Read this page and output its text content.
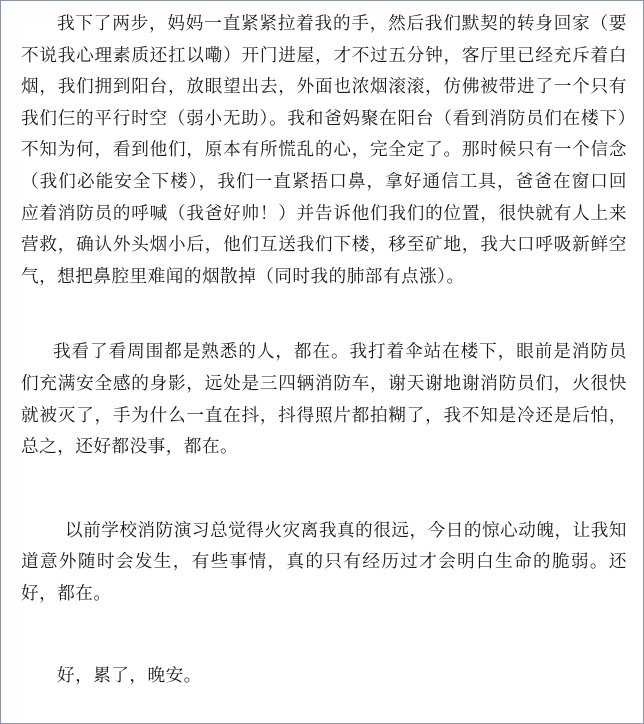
我下了两步，妈妈一直紧紧拉着我的手，然后我们默契的转身回家（要不说我心理素质还扛以嘞）开门进屋，才不过五分钟，客厅里已经充斥着白烟，我们拥到阳台，放眼望出去，外面也浓烟滚滚，仿佛被带进了一个只有我们仨的平行时空（弱小无助）。我和爸妈聚在阳台（看到消防员们在楼下）不知为何，看到他们，原本有所慌乱的心，完全定了。那时候只有一个信念（我们必能安全下楼），我们一直紧捂口鼻，拿好通信工具，爸爸在窗口回应着消防员的呼喊（我爸好帅！）并告诉他们我们的位置，很快就有人上来营救，确认外头烟小后，他们互送我们下楼，移至矿地，我大口呼吸新鲜空气，想把鼻腔里难闻的烟散掉（同时我的肺部有点涨）。

我看了看周围都是熟悉的人，都在。我打着伞站在楼下，眼前是消防员们充满安全感的身影，远处是三四辆消防车，谢天谢地谢消防员们，火很快就被灭了，手为什么一直在抖，抖得照片都拍糊了，我不知是冷还是后怕，总之，还好都没事，都在。

以前学校消防演习总觉得火灾离我真的很远，今日的惊心动魄，让我知道意外随时会发生，有些事情，真的只有经历过才会明白生命的脆弱。还好，都在。

好，累了，晚安。
